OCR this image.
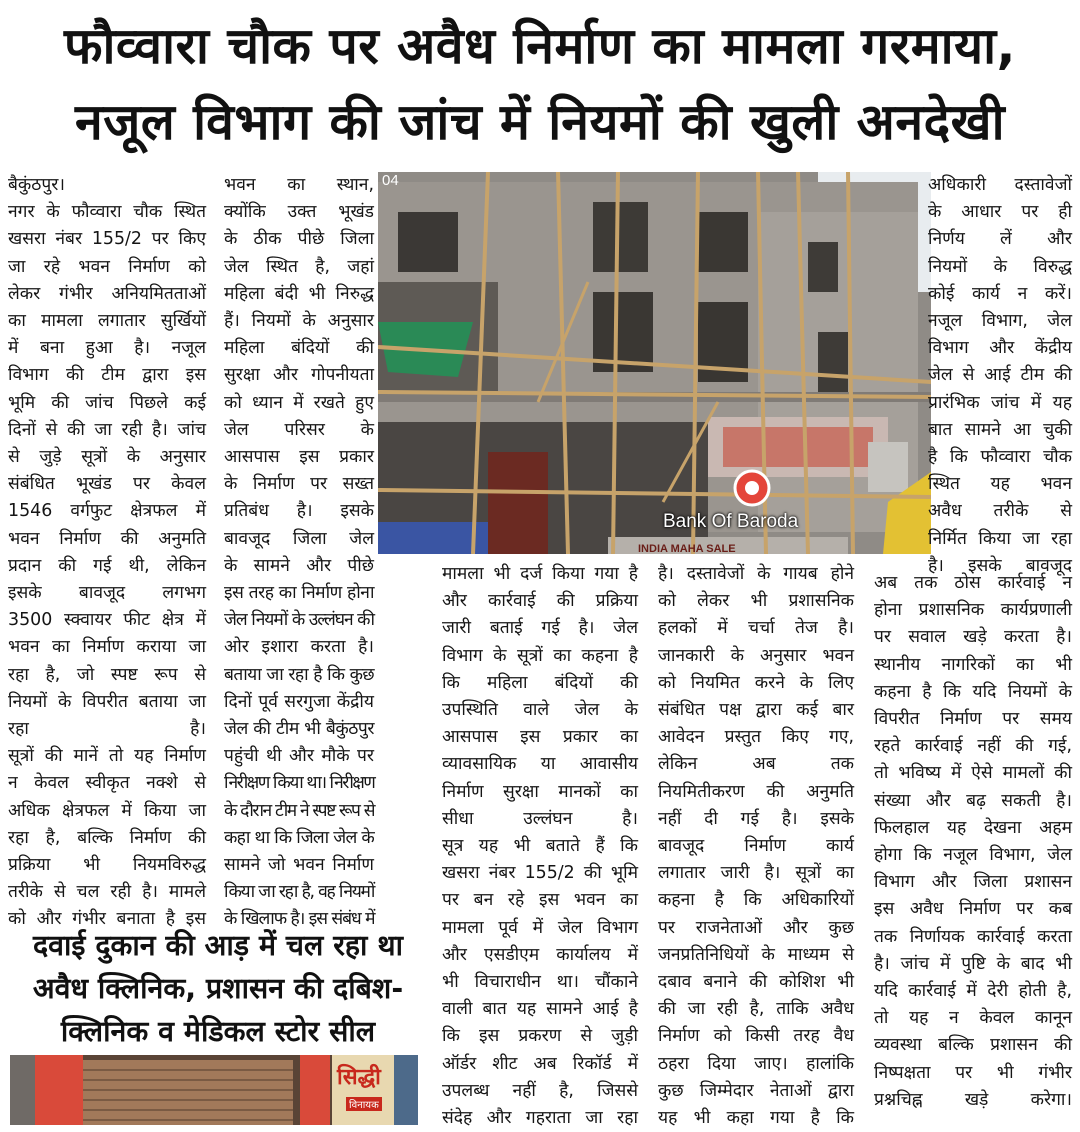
फौव्वारा चौक पर अवैध निर्माण का मामला गरमाया,
नजूल विभाग की जांच में नियमों की खुली अनदेखी

बैकुंठपुर।

नगर के फौव्वारा चौक स्थित

खसरा नंबर 155/2 पर किए

जा रहे भवन निर्माण को

लेकर गंभीर अनियमितताओं

का मामला लगातार सुर्खियों

में बना हुआ है। नजूल

विभाग की टीम द्वारा इस

भूमि की जांच पिछले कई

दिनों से की जा रही है। जांच

से जुड़े सूत्रों के अनुसार

संबंधित भूखंड पर केवल

1546 वर्गफुट क्षेत्रफल में

भवन निर्माण की अनुमति

प्रदान की गई थी, लेकिन

इसके बावजूद लगभग

3500 स्क्वायर फीट क्षेत्र में

भवन का निर्माण कराया जा

रहा है, जो स्पष्ट रूप से

नियमों के विपरीत बताया जा

रहा है।

सूत्रों की मानें तो यह निर्माण

न केवल स्वीकृत नक्शे से

अधिक क्षेत्रफल में किया जा

रहा है, बल्कि निर्माण की

प्रक्रिया भी नियमविरुद्ध

तरीके से चल रही है। मामले

को और गंभीर बनाता है इस

भवन का स्थान,

क्योंकि उक्त भूखंड

के ठीक पीछे जिला

जेल स्थित है, जहां

महिला बंदी भी निरुद्ध

हैं। नियमों के अनुसार

महिला बंदियों की

सुरक्षा और गोपनीयता

को ध्यान में रखते हुए

जेल परिसर के

आसपास इस प्रकार

के निर्माण पर सख्त

प्रतिबंध है। इसके

बावजूद जिला जेल

के सामने और पीछे

इस तरह का निर्माण होना

जेल नियमों के उल्लंघन की

ओर इशारा करता है।

बताया जा रहा है कि कुछ

दिनों पूर्व सरगुजा केंद्रीय

जेल की टीम भी बैकुंठपुर

पहुंची थी और मौके पर

निरीक्षण किया था। निरीक्षण

के दौरान टीम ने स्पष्ट रूप से

कहा था कि जिला जेल के

सामने जो भवन निर्माण

किया जा रहा है, वह नियमों

के खिलाफ है। इस संबंध में

04
Bank Of Baroda
INDIA MAHA SALE

मामला भी दर्ज किया गया है

और कार्रवाई की प्रक्रिया

जारी बताई गई है। जेल

विभाग के सूत्रों का कहना है

कि महिला बंदियों की

उपस्थिति वाले जेल के

आसपास इस प्रकार का

व्यावसायिक या आवासीय

निर्माण सुरक्षा मानकों का

सीधा उल्लंघन है।

सूत्र यह भी बताते हैं कि

खसरा नंबर 155/2 की भूमि

पर बन रहे इस भवन का

मामला पूर्व में जेल विभाग

और एसडीएम कार्यालय में

भी विचाराधीन था। चौंकाने

वाली बात यह सामने आई है

कि इस प्रकरण से जुड़ी

ऑर्डर शीट अब रिकॉर्ड में

उपलब्ध नहीं है, जिससे

संदेह और गहराता जा रहा

है। दस्तावेजों के गायब होने

को लेकर भी प्रशासनिक

हलकों में चर्चा तेज है।

जानकारी के अनुसार भवन

को नियमित करने के लिए

संबंधित पक्ष द्वारा कई बार

आवेदन प्रस्तुत किए गए,

लेकिन अब तक

नियमितीकरण की अनुमति

नहीं दी गई है। इसके

बावजूद निर्माण कार्य

लगातार जारी है। सूत्रों का

कहना है कि अधिकारियों

पर राजनेताओं और कुछ

जनप्रतिनिधियों के माध्यम से

दबाव बनाने की कोशिश भी

की जा रही है, ताकि अवैध

निर्माण को किसी तरह वैध

ठहरा दिया जाए। हालांकि

कुछ जिम्मेदार नेताओं द्वारा

यह भी कहा गया है कि

अधिकारी दस्तावेजों

के आधार पर ही

निर्णय लें और

नियमों के विरुद्ध

कोई कार्य न करें।

नजूल विभाग, जेल

विभाग और केंद्रीय

जेल से आई टीम की

प्रारंभिक जांच में यह

बात सामने आ चुकी

है कि फौव्वारा चौक

स्थित यह भवन

अवैध तरीके से

निर्मित किया जा रहा

है। इसके बावजूद

अब तक ठोस कार्रवाई न

होना प्रशासनिक कार्यप्रणाली

पर सवाल खड़े करता है।

स्थानीय नागरिकों का भी

कहना है कि यदि नियमों के

विपरीत निर्माण पर समय

रहते कार्रवाई नहीं की गई,

तो भविष्य में ऐसे मामलों की

संख्या और बढ़ सकती है।

फिलहाल यह देखना अहम

होगा कि नजूल विभाग, जेल

विभाग और जिला प्रशासन

इस अवैध निर्माण पर कब

तक निर्णायक कार्रवाई करता

है। जांच में पुष्टि के बाद भी

यदि कार्रवाई में देरी होती है,

तो यह न केवल कानून

व्यवस्था बल्कि प्रशासन की

निष्पक्षता पर भी गंभीर

प्रश्नचिह्न खड़े करेगा।

दवाई दुकान की आड़ में चल रहा था
अवैध क्लिनिक, प्रशासन की दबिश-
क्लिनिक व मेडिकल स्टोर सील
सिद्धी
विनायक
